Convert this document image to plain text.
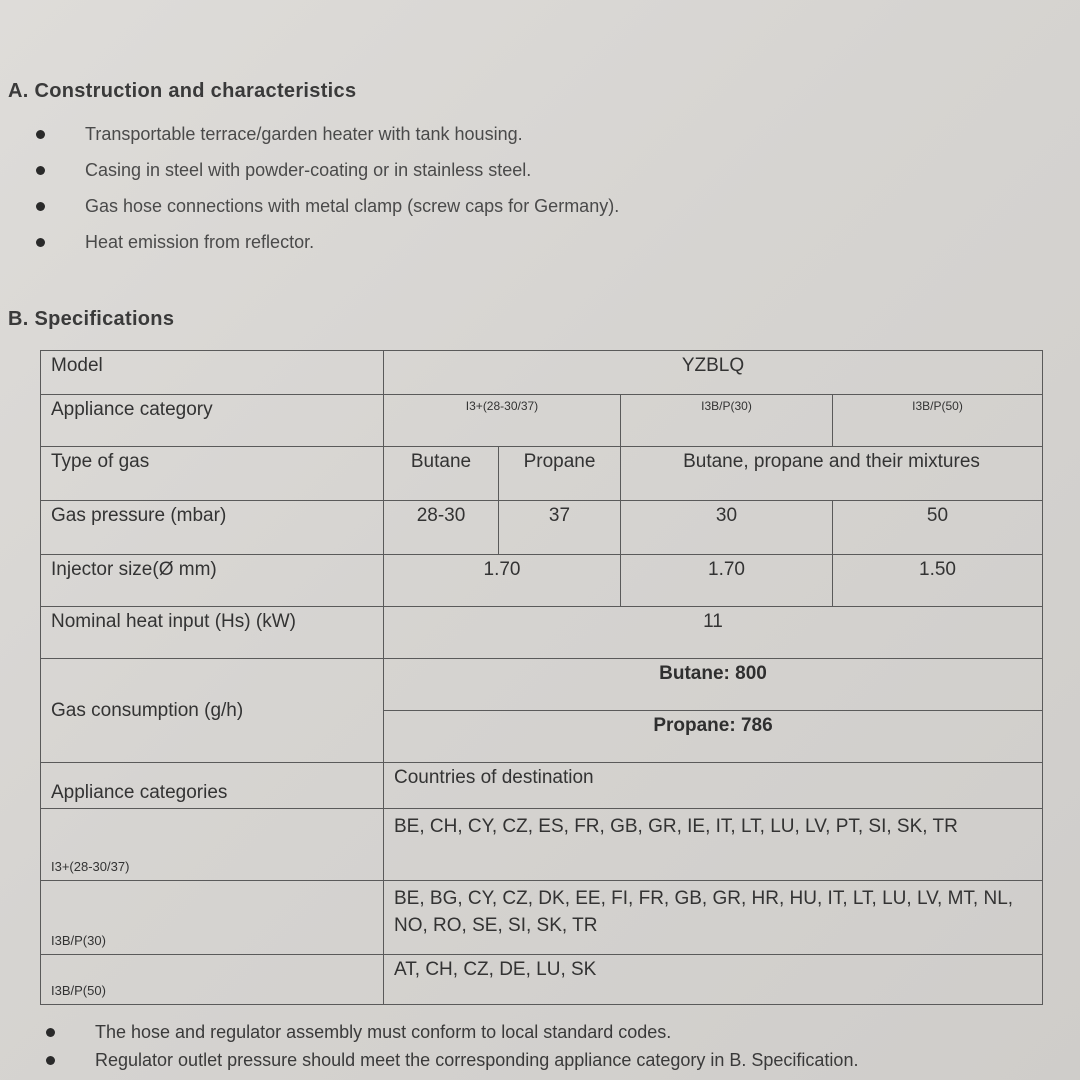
A. Construction and characteristics
Transportable terrace/garden heater with tank housing.
Casing in steel with powder-coating or in stainless steel.
Gas hose connections with metal clamp (screw caps for Germany).
Heat emission from reflector.
B. Specifications
Model	YZBLQ			
Appliance category	I3+(28-30/37)		I3B/P(30)	I3B/P(50)
Type of gas	Butane	Propane	Butane, propane and their mixtures	
Gas pressure (mbar)	28-30	37	30	50
Injector size(Ø mm)	1.70		1.70	1.50
Nominal heat input (Hs) (kW)	11			
Gas consumption (g/h)	Butane: 800			
	Propane: 786			
Appliance categories	Countries of destination			
I3+(28-30/37)	BE, CH, CY, CZ, ES, FR, GB, GR, IE, IT, LT, LU, LV, PT, SI, SK, TR			
I3B/P(30)	BE, BG, CY, CZ, DK, EE, FI, FR, GB, GR, HR, HU, IT, LT, LU, LV, MT, NL, NO, RO, SE, SI, SK, TR			
I3B/P(50)	AT, CH, CZ, DE, LU, SK			
The hose and regulator assembly must conform to local standard codes.
Regulator outlet pressure should meet the corresponding appliance category in B. Specification.
